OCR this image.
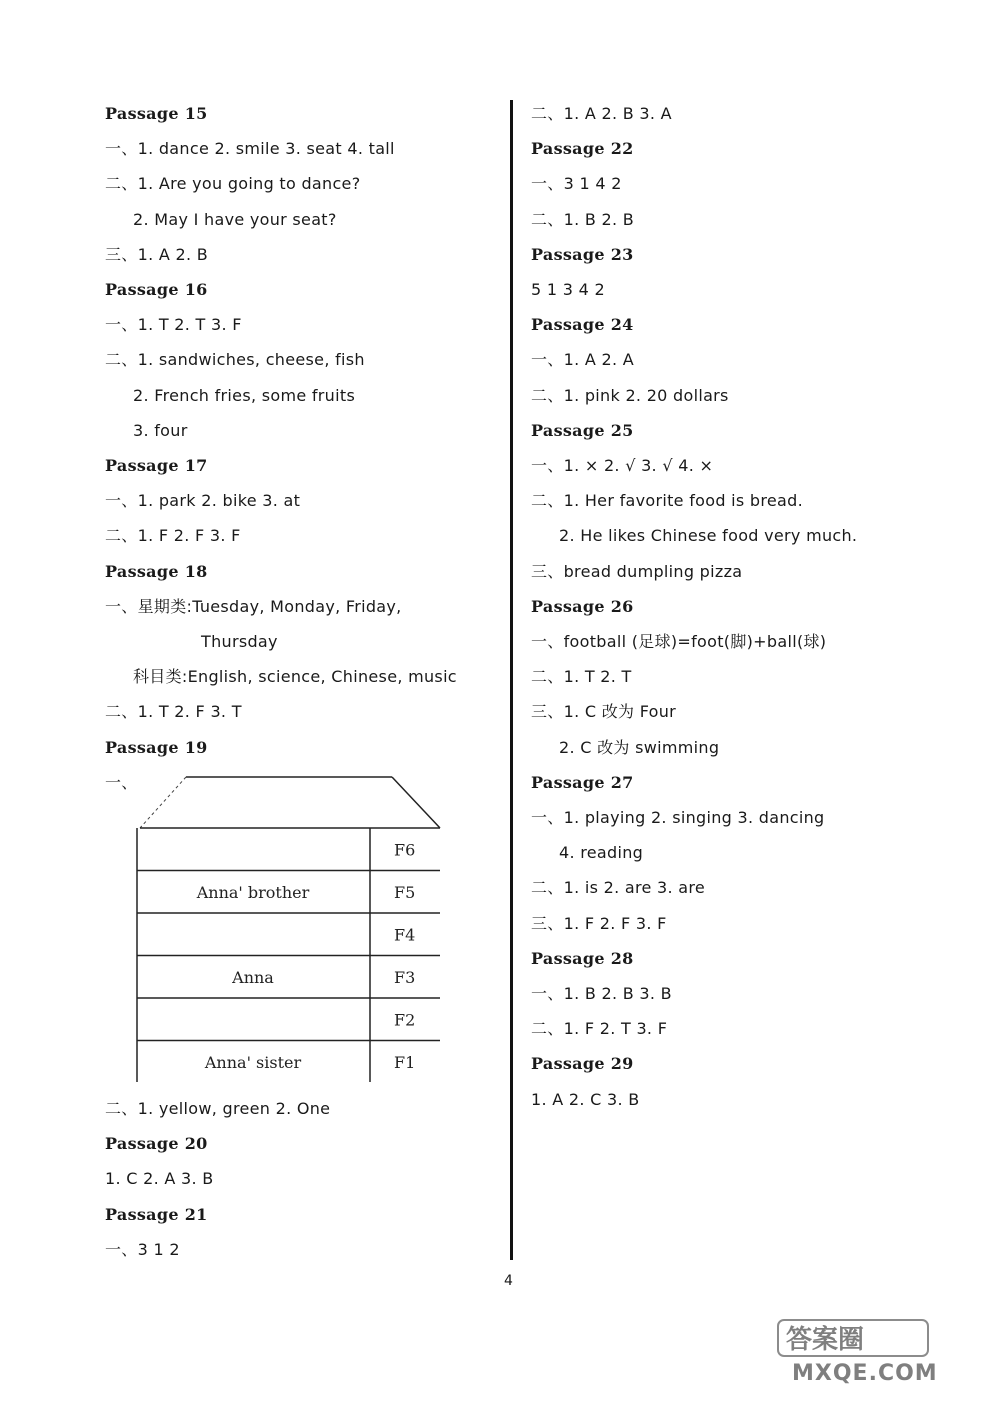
Passage 15
一、1. dance 2. smile 3. seat 4. tall
二、1. Are you going to dance?
2. May I have your seat?
三、1. A 2. B
Passage 16
一、1. T 2. T 3. F
二、1. sandwiches, cheese, fish
2. French fries, some fruits
3. four
Passage 17
一、1. park 2. bike 3. at
二、1. F 2. F 3. F
Passage 18
一、星期类:Tuesday, Monday, Friday,
Thursday
科目类:English, science, Chinese, music
二、1. T 2. F 3. T
Passage 19
一、
二、1. yellow, green 2. One
Passage 20
1. C 2. A 3. B
Passage 21
一、3 1 2
F6
F5
Anna' brother
F4
F3
Anna
F2
F1
Anna' sister
二、1. A 2. B 3. A
Passage 22
一、3 1 4 2
二、1. B 2. B
Passage 23
5 1 3 4 2
Passage 24
一、1. A 2. A
二、1. pink 2. 20 dollars
Passage 25
一、1. × 2. √ 3. √ 4. ×
二、1. Her favorite food is bread.
2. He likes Chinese food very much.
三、bread dumpling pizza
Passage 26
一、football (足球)=foot(脚)+ball(球)
二、1. T 2. T
三、1. C 改为 Four
2. C 改为 swimming
Passage 27
一、1. playing 2. singing 3. dancing
4. reading
二、1. is 2. are 3. are
三、1. F 2. F 3. F
Passage 28
一、1. B 2. B 3. B
二、1. F 2. T 3. F
Passage 29
1. A 2. C 3. B
4
答案圈
MXQE.COM
